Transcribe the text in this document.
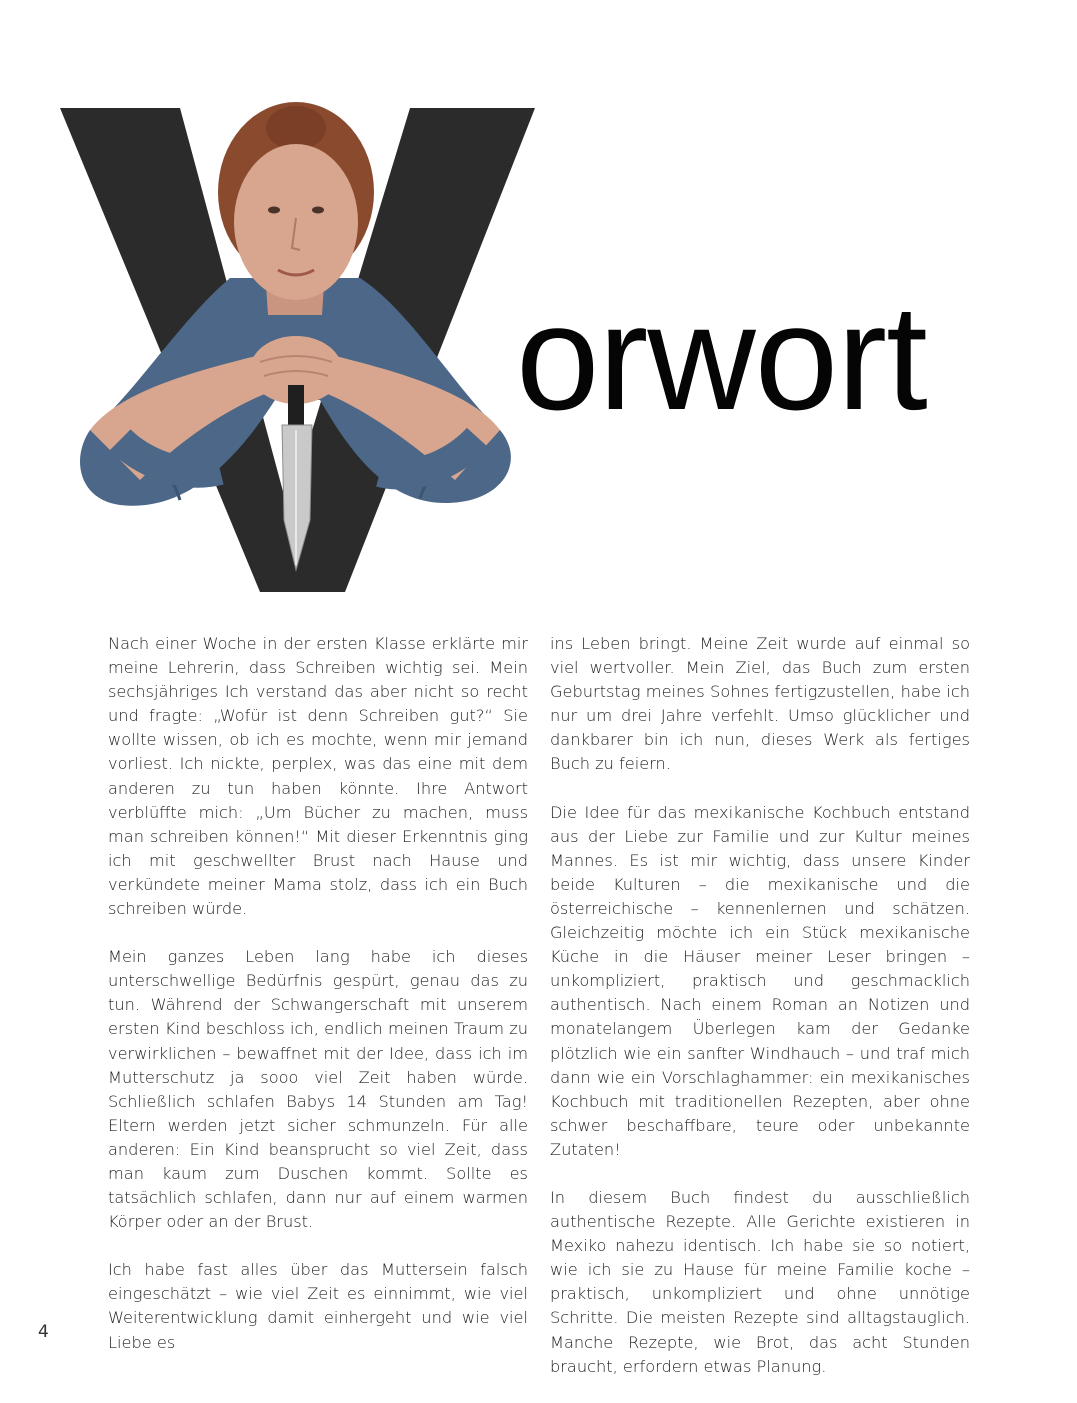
orwort

Nach einer Woche in der ersten Klasse erklärte mir meine Lehrerin, dass Schreiben wichtig sei. Mein sechsjähriges Ich verstand das aber nicht so recht und fragte: „Wofür ist denn Schreiben gut?“ Sie wollte wissen, ob ich es mochte, wenn mir jemand vorliest. Ich nickte, perplex, was das eine mit dem anderen zu tun haben könnte. Ihre Antwort verblüffte mich: „Um Bücher zu machen, muss man schreiben können!“ Mit dieser Erkenntnis ging ich mit geschwellter Brust nach Hause und verkündete meiner Mama stolz, dass ich ein Buch schreiben würde.

Mein ganzes Leben lang habe ich dieses unterschwellige Bedürfnis gespürt, genau das zu tun. Während der Schwangerschaft mit unserem ersten Kind beschloss ich, endlich meinen Traum zu verwirklichen – bewaffnet mit der Idee, dass ich im Mutterschutz ja sooo viel Zeit haben würde. Schließlich schlafen Babys 14 Stunden am Tag! Eltern werden jetzt sicher schmunzeln. Für alle anderen: Ein Kind beansprucht so viel Zeit, dass man kaum zum Duschen kommt. Sollte es tatsächlich schlafen, dann nur auf einem warmen Körper oder an der Brust.

Ich habe fast alles über das Muttersein falsch eingeschätzt – wie viel Zeit es einnimmt, wie viel Weiterentwicklung damit einhergeht und wie viel Liebe es

ins Leben bringt. Meine Zeit wurde auf einmal so viel wertvoller. Mein Ziel, das Buch zum ersten Geburtstag meines Sohnes fertigzustellen, habe ich nur um drei Jahre verfehlt. Umso glücklicher und dankbarer bin ich nun, dieses Werk als fertiges Buch zu feiern.

Die Idee für das mexikanische Kochbuch entstand aus der Liebe zur Familie und zur Kultur meines Mannes. Es ist mir wichtig, dass unsere Kinder beide Kulturen – die mexikanische und die österreichische – kennenlernen und schätzen. Gleichzeitig möchte ich ein Stück mexikanische Küche in die Häuser meiner Leser bringen – unkompliziert, praktisch und geschmacklich authentisch. Nach einem Roman an Notizen und monatelangem Überlegen kam der Gedanke plötzlich wie ein sanfter Windhauch – und traf mich dann wie ein Vorschlaghammer: ein mexikanisches Kochbuch mit traditionellen Rezepten, aber ohne schwer beschaffbare, teure oder unbekannte Zutaten!

In diesem Buch findest du ausschließlich authentische Rezepte. Alle Gerichte existieren in Mexiko nahezu identisch. Ich habe sie so notiert, wie ich sie zu Hause für meine Familie koche – praktisch, unkompliziert und ohne unnötige Schritte. Die meisten Rezepte sind alltagstauglich. Manche Rezepte, wie Brot, das acht Stunden braucht, erfordern etwas Planung.

4
